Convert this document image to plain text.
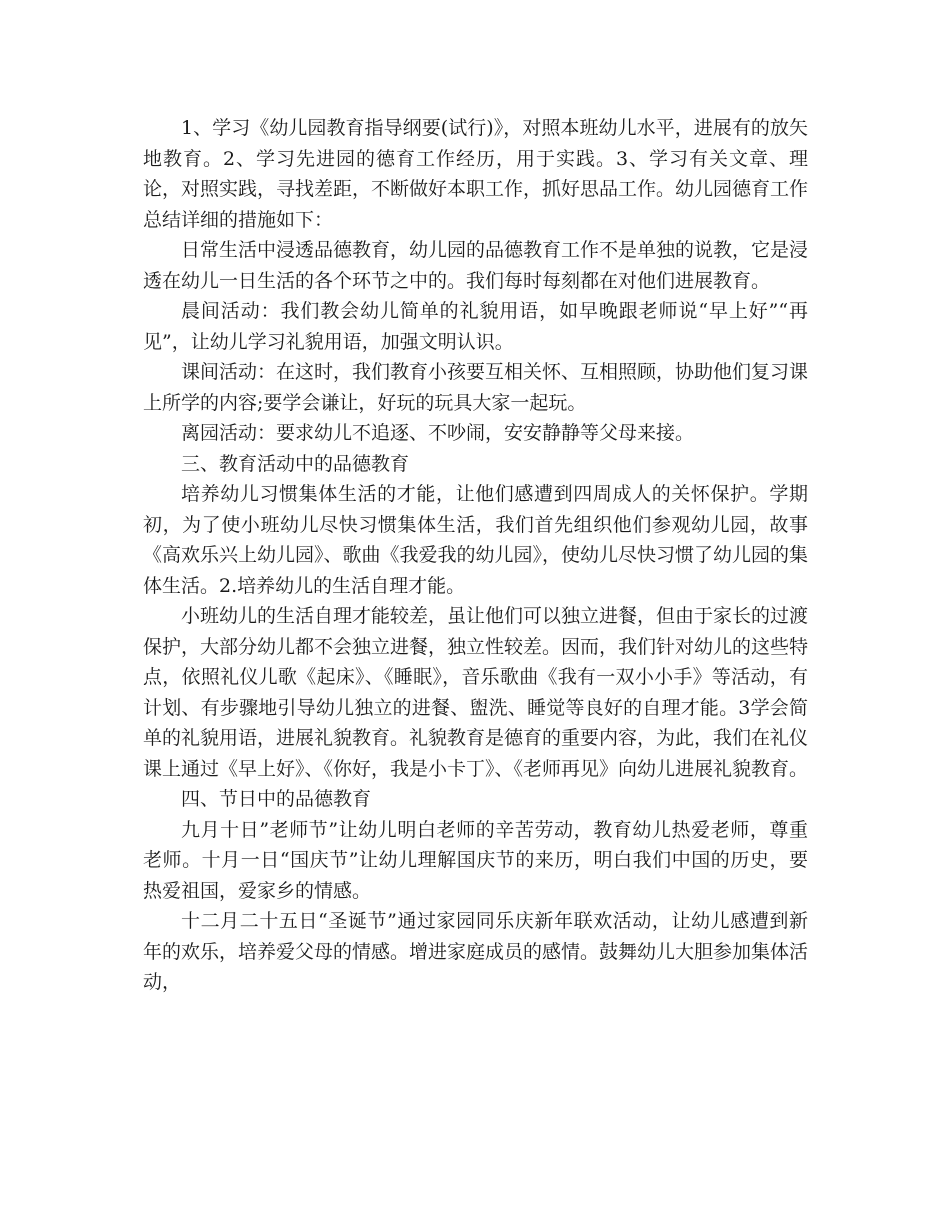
1、学习《幼儿园教育指导纲要(试行)》，对照本班幼儿水平，进展有的放矢地教育。2、学习先进园的德育工作经历，用于实践。3、学习有关文章、理论，对照实践，寻找差距，不断做好本职工作，抓好思品工作。幼儿园德育工作总结详细的措施如下：

日常生活中浸透品德教育，幼儿园的品德教育工作不是单独的说教，它是浸透在幼儿一日生活的各个环节之中的。我们每时每刻都在对他们进展教育。

晨间活动：我们教会幼儿简单的礼貌用语，如早晚跟老师说“早上好”“再见”，让幼儿学习礼貌用语，加强文明认识。

课间活动：在这时，我们教育小孩要互相关怀、互相照顾，协助他们复习课上所学的内容;要学会谦让，好玩的玩具大家一起玩。

离园活动：要求幼儿不追逐、不吵闹，安安静静等父母来接。

三、教育活动中的品德教育

培养幼儿习惯集体生活的才能，让他们感遭到四周成人的关怀保护。学期初，为了使小班幼儿尽快习惯集体生活，我们首先组织他们参观幼儿园，故事《高欢乐兴上幼儿园》、歌曲《我爱我的幼儿园》，使幼儿尽快习惯了幼儿园的集体生活。2.培养幼儿的生活自理才能。

小班幼儿的生活自理才能较差，虽让他们可以独立进餐，但由于家长的过渡保护，大部分幼儿都不会独立进餐，独立性较差。因而，我们针对幼儿的这些特点，依照礼仪儿歌《起床》、《睡眠》，音乐歌曲《我有一双小小手》等活动，有计划、有步骤地引导幼儿独立的进餐、盥洗、睡觉等良好的自理才能。3学会简单的礼貌用语，进展礼貌教育。礼貌教育是德育的重要内容，为此，我们在礼仪课上通过《早上好》、《你好，我是小卡丁》、《老师再见》向幼儿进展礼貌教育。

四、节日中的品德教育

九月十日”老师节”让幼儿明白老师的辛苦劳动，教育幼儿热爱老师，尊重老师。十月一日“国庆节”让幼儿理解国庆节的来历，明白我们中国的历史，要热爱祖国，爱家乡的情感。

十二月二十五日“圣诞节”通过家园同乐庆新年联欢活动，让幼儿感遭到新年的欢乐，培养爱父母的情感。增进家庭成员的感情。鼓舞幼儿大胆参加集体活动，
